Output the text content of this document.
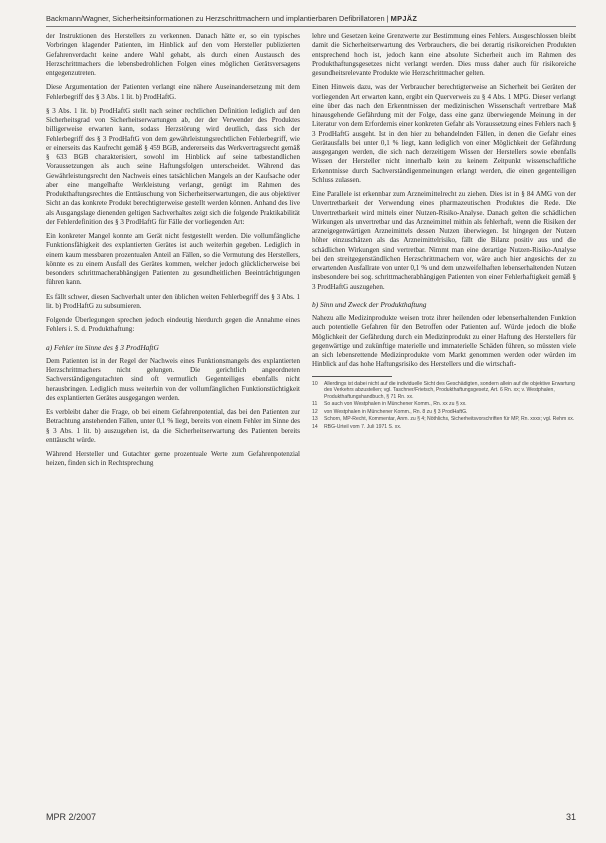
Backmann/Wagner, Sicherheitsinformationen zu Herzschrittmachern und implantierbaren Defibrillatoren | MPJÄZ

der Instruktionen des Herstellers zu verkennen. Danach hätte er, so ein typisches Vorbringen klagender Patienten, im Hinblick auf den vom Hersteller publizierten Gefahrenverdacht keine andere Wahl gehabt, als durch einen Austausch des Herzschrittmachers die lebensbedrohlichen Folgen eines möglichen Gerätsversagens entgegenzutreten.

Diese Argumentation der Patienten verlangt eine nähere Auseinandersetzung mit dem Fehlerbegriff des § 3 Abs. 1 lit. b) ProdHaftG.

§ 3 Abs. 1 lit. b) ProdHaftG stellt nach seiner rechtlichen Definition lediglich auf den Sicherheitsgrad von Sicherheitserwartungen ab, der der Verwender des Produktes billigerweise erwarten kann, sodass Herzstörung wird deutlich, dass sich der Fehlerbegriff des § 3 ProdHaftG von dem gewährleistungsrechtlichen Fehlerbegriff, wie er einerseits das Kaufrecht gemäß § 459 BGB, andererseits das Werkvertragsrecht gemäß § 633 BGB charakterisiert, sowohl im Hinblick auf seine tatbestandlichen Voraussetzungen als auch seine Haftungsfolgen unterscheidet. Während das Gewährleistungsrecht den Nachweis eines tatsächlichen Mangels an der Kaufsache oder aber eine mangelhafte Werkleistung verlangt, genügt im Rahmen des Produkthaftungsrechtes die Enttäuschung von Sicherheitserwartungen, die aus objektiver Sicht an das konkrete Produkt berechtigterweise gestellt werden können. Anhand des live als Ausgangslage dienenden geltigen Sachverhaltes zeigt sich die folgende Praktikabilität der Fehlerdefinition des § 3 ProdHaftG für Fälle der vorliegenden Art:

Ein konkreter Mangel konnte am Gerät nicht festgestellt werden. Die vollumfängliche Funktionsfähigkeit des explantierten Gerätes ist auch weiterhin gegeben. Lediglich in einem kaum messbaren prozentualen Anteil an Fällen, so die Vermutung des Herstellers, könnte es zu einem Ausfall des Gerätes kommen, welcher jedoch glücklicherweise bei besonders schrittmacherabhängigen Patienten zu gesundheitlichen Beeinträchtigungen führen kann.

Es fällt schwer, diesen Sachverhalt unter den üblichen weiten Fehlerbegriff des § 3 Abs. 1 lit. b) ProdHaftG zu subsumieren.

Folgende Überlegungen sprechen jedoch eindeutig hierdurch gegen die Annahme eines Fehlers i. S. d. Produkthaftung:

a) Fehler im Sinne des § 3 ProdHaftG

Dem Patienten ist in der Regel der Nachweis eines Funktionsmangels des explantierten Herzschrittmachers nicht gelungen. Die gerichtlich angeordneten Sachverständigengutachten sind oft vermutlich Gegenteiliges ebenfalls nicht herausbringen. Lediglich muss weiterhin von der vollumfänglichen Funktionstüchtigkeit des explantierten Gerätes ausgegangen werden.

Es verbleibt daher die Frage, ob bei einem Gefahrenpotential, das bei den Patienten zur Betrachtung anstehenden Fällen, unter 0,1 % liegt, bereits von einem Fehler im Sinne des § 3 Abs. 1 lit. b) auszugehen ist, da die Sicherheitserwartung des Patienten bereits enttäuscht würde.

Während Hersteller und Gutachter gerne prozentuale Werte zum Gefahrenpotenzial heizen, finden sich in Rechtsprechung

lehre und Gesetzen keine Grenzwerte zur Bestimmung eines Fehlers. Ausgeschlossen bleibt damit die Sicherheitserwartung des Verbrauchers, die bei derartig risikoreichen Produkten entsprechend hoch ist, jedoch kann eine absolute Sicherheit auch im Rahmen des Produkthaftungsgesetzes nicht verlangt werden. Dies muss daher auch für risikoreiche gesundheitsrelevante Produkte wie Herzschrittmacher gelten.

Einen Hinweis dazu, was der Verbraucher berechtigterweise an Sicherheit bei Geräten der vorliegenden Art erwarten kann, ergibt ein Querverweis zu § 4 Abs. 1 MPG. Dieser verlangt eine über das nach den Erkenntnissen der medizinischen Wissenschaft vertretbare Maß hinausgehende Gefährdung mit der Folge, dass eine ganz überwiegende Meinung in der Literatur von dem Erfordernis einer konkreten Gefahr als Voraussetzung eines Fehlers nach § 3 ProdHaftG ausgeht. Ist in den hier zu behandelnden Fällen, in denen die Gefahr eines Gerätausfalls bei unter 0,1 % liegt, kann lediglich von einer Möglichkeit der Gefährdung ausgegangen werden, die sich nach derzeitigem Wissen der Herstellers sowie ebenfalls Wissen der Hersteller nicht innerhalb kein zu keinem Zeitpunkt wissenschaftliche Erkenntnisse durch Sachverständigenmeinungen erlangt werden, die einen gegenteiligen Schluss zulassen.

Eine Parallele ist erkennbar zum Arzneimittelrecht zu ziehen. Dies ist in § 84 AMG von der Unvertretbarkeit der Verwendung eines pharmazeutischen Produktes die Rede. Die Unvertretbarkeit wird mittels einer Nutzen-Risiko-Analyse. Danach gelten die schädlichen Wirkungen als unvertretbar und das Arzneimittel mithin als fehlerhaft, wenn die Risiken der arzneigegenwärtigen Arzneimittels dessen Nutzen überwiegen. Ist hingegen der Nutzen höher einzuschätzen als das Arzneimittelrisiko, fällt die Bilanz positiv aus und die schädlichen Wirkungen sind vertretbar. Nimmt man eine derartige Nutzen-Risiko-Analyse bei den streitgegenständlichen Herzschrittmachern vor, wäre auch hier angesichts der zu erwartenden Ausfallrate von unter 0,1 % und dem unzweifelhaften lebenserhaltenden Nutzen insbesondere bei sog. schrittmacherabhängigen Patienten von einer Fehlerhaftigkeit gemäß § 3 ProdHaftG auszugehen.

b) Sinn und Zweck der Produkthaftung

Nahezu alle Medizinprodukte weisen trotz ihrer heilenden oder lebenserhaltenden Funktion auch potentielle Gefahren für den Betroffen oder Patienten auf. Würde jedoch die bloße Möglichkeit der Gefährdung durch ein Medizinprodukt zu einer Haftung des Herstellers für gegenwärtige und zukünftige materielle und immaterielle Schäden führen, so müssten viele an sich lebensrettende Medizinprodukte vom Markt genommen werden oder würden im Hinblick auf das hohe Haftungsrisiko des Herstellers und die wirtschaft-

10	Allerdings ist dabei nicht auf die individuelle Sicht des Geschädigten, sondern allein auf die objektive Erwartung des Verkehrs abzustellen; vgl. Taschner/Frietsch, Produkthaftungsgesetz, Art. 6 Rn. xx; v. Westphalen, Produkthaftungshandbuch, § 71 Rn. xx.
11	So auch von Westphalen in Münchener Komm., Rn. xx zu § xx.
12	von Westphalen in Münchener Komm., Rn. 8 zu § 3 ProdHaftG.
13	Schorn, MP-Recht, Kommentar, Anm. zu § 4; Nöthlichs, Sicherheitsvorschriften für MP, Rn. xxxx; vgl. Rehm xx.
14	RBG-Urteil vom 7. Juli 1971 S. xx.
MPR 2/2007	31
